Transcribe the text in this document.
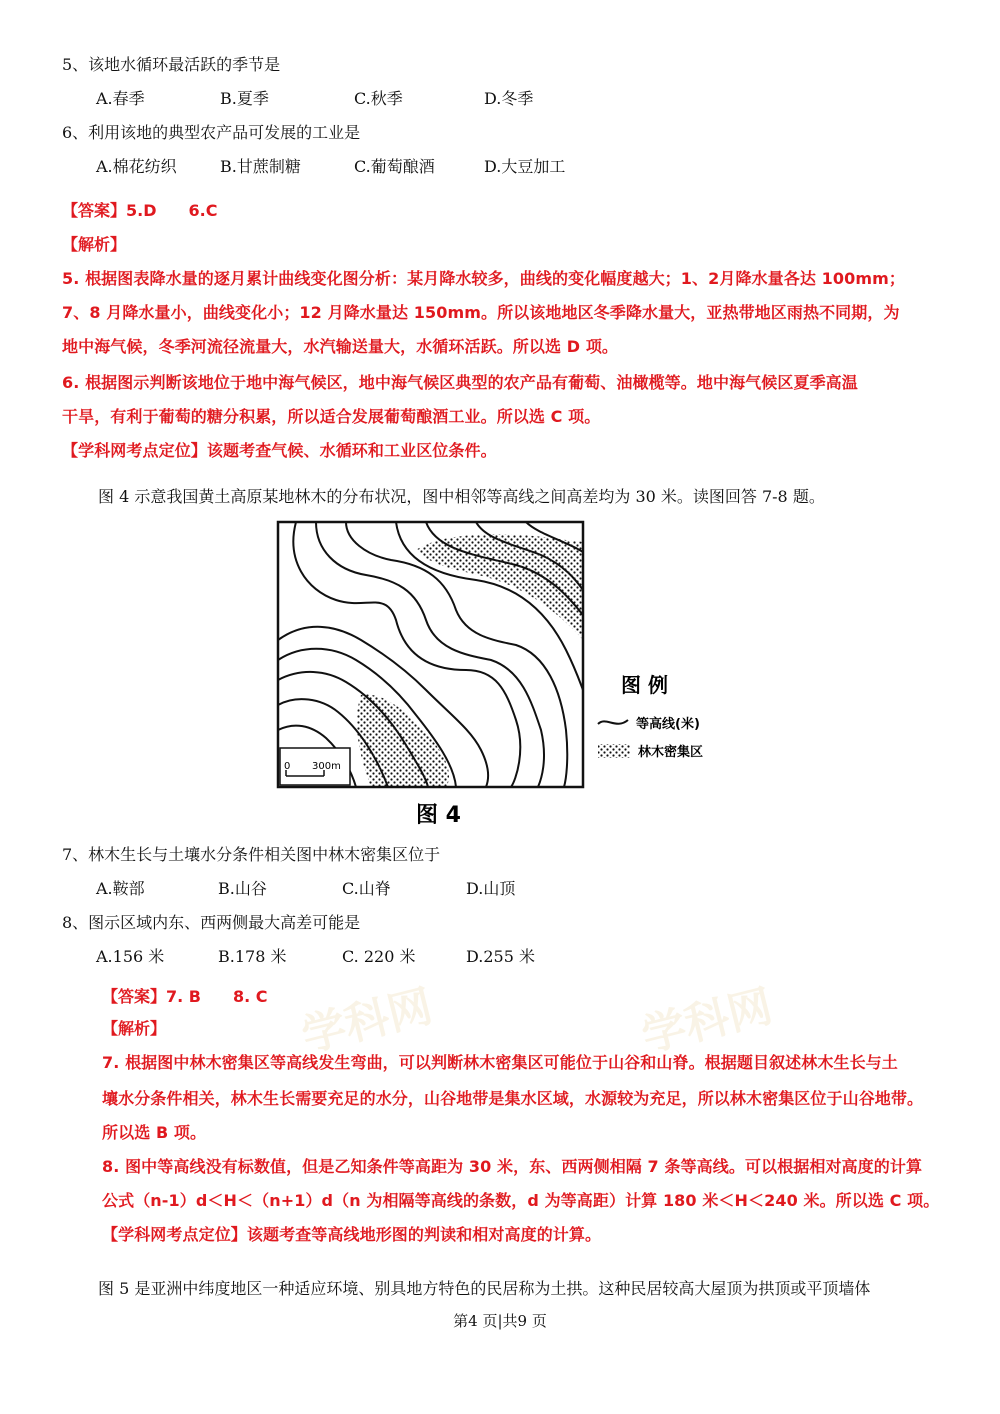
5、该地水循环最活跃的季节是
A.春季	B.夏季	C.秋季	D.冬季
6、利用该地的典型农产品可发展的工业是
A.棉花纺织	B.甘蔗制糖	C.葡萄酿酒	D.大豆加工
【答案】5.D　　6.C
【解析】
5. 根据图表降水量的逐月累计曲线变化图分析：某月降水较多，曲线的变化幅度越大；1、2月降水量各达 100mm；
7、8 月降水量小，曲线变化小；12 月降水量达 150mm。所以该地地区冬季降水量大，亚热带地区雨热不同期，为
地中海气候，冬季河流径流量大，水汽输送量大，水循环活跃。所以选 D 项。
6. 根据图示判断该地位于地中海气候区，地中海气候区典型的农产品有葡萄、油橄榄等。地中海气候区夏季高温
干旱，有利于葡萄的糖分积累，所以适合发展葡萄酿酒工业。所以选 C 项。
【学科网考点定位】该题考查气候、水循环和工业区位条件。
图 4 示意我国黄土高原某地林木的分布状况，图中相邻等高线之间高差均为 30 米。读图回答 7-8 题。
0 300m
图 例
等高线(米)
林木密集区
图 4
7、林木生长与土壤水分条件相关图中林木密集区位于
A.鞍部	B.山谷	C.山脊	D.山顶
8、图示区域内东、西两侧最大高差可能是
A.156 米	B.178 米	C. 220 米	D.255 米
学科网	学科网
【答案】7. B　　8. C
【解析】
7. 根据图中林木密集区等高线发生弯曲，可以判断林木密集区可能位于山谷和山脊。根据题目叙述林木生长与土
壤水分条件相关，林木生长需要充足的水分，山谷地带是集水区域，水源较为充足，所以林木密集区位于山谷地带。
所以选 B 项。
8. 图中等高线没有标数值，但是乙知条件等高距为 30 米，东、西两侧相隔 7 条等高线。可以根据相对高度的计算
公式（n-1）d＜H＜（n+1）d（n 为相隔等高线的条数，d 为等高距）计算 180 米＜H＜240 米。所以选 C 项。
【学科网考点定位】该题考查等高线地形图的判读和相对高度的计算。
图 5 是亚洲中纬度地区一种适应环境、别具地方特色的民居称为土拱。这种民居较高大屋顶为拱顶或平顶墙体
第4 页|共9 页
